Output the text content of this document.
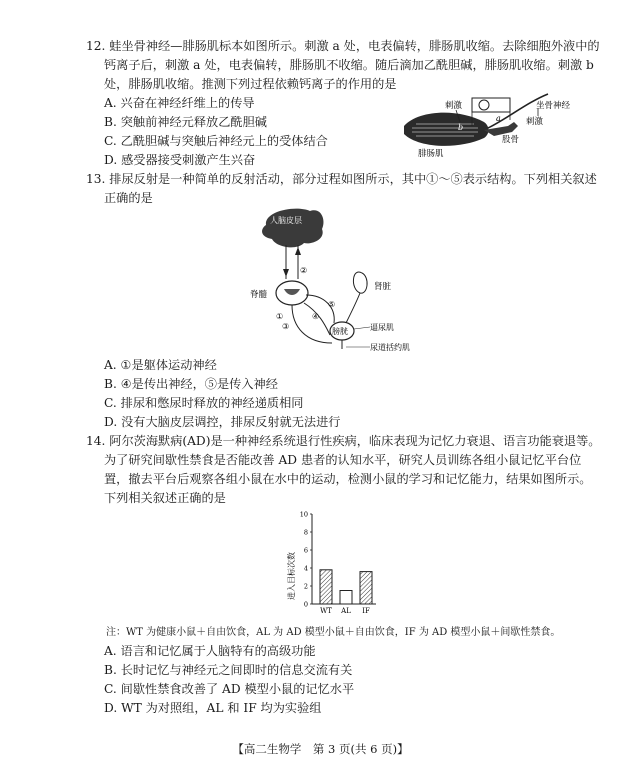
12. 蛙坐骨神经—腓肠肌标本如图所示。刺激 a 处，电表偏转，腓肠肌收缩。去除细胞外液中的
钙离子后，刺激 a 处，电表偏转，腓肠肌不收缩。随后滴加乙酰胆碱，腓肠肌收缩。刺激 b
处，腓肠肌收缩。推测下列过程依赖钙离子的作用的是
A. 兴奋在神经纤维上的传导
B. 突触前神经元释放乙酰胆碱
C. 乙酰胆碱与突触后神经元上的受体结合
D. 感受器接受刺激产生兴奋
刺激	坐骨神经
刺激
股骨
腓肠肌
a
b
13. 排尿反射是一种简单的反射活动，部分过程如图所示，其中①～⑤表示结构。下列相关叙述
正确的是
人脑皮层
脊髓
肾脏
膀胱	逼尿肌
尿道括约肌
①
②
③
④
⑤
A. ①是躯体运动神经
B. ④是传出神经，⑤是传入神经
C. 排尿和憋尿时释放的神经递质相同
D. 没有大脑皮层调控，排尿反射就无法进行
14. 阿尔茨海默病(AD)是一种神经系统退行性疾病，临床表现为记忆力衰退、语言功能衰退等。
为了研究间歇性禁食是否能改善 AD 患者的认知水平，研究人员训练各组小鼠记忆平台位
置，撤去平台后观察各组小鼠在水中的运动，检测小鼠的学习和记忆能力，结果如图所示。
下列相关叙述正确的是
进入目标次数
0
2
4
6
8
10
WT AL IF
注：WT 为健康小鼠＋自由饮食，AL 为 AD 模型小鼠＋自由饮食，IF 为 AD 模型小鼠＋间歇性禁食。
A. 语言和记忆属于人脑特有的高级功能
B. 长时记忆与神经元之间即时的信息交流有关
C. 间歇性禁食改善了 AD 模型小鼠的记忆水平
D. WT 为对照组，AL 和 IF 均为实验组
【高二生物学　第 3 页(共 6 页)】
